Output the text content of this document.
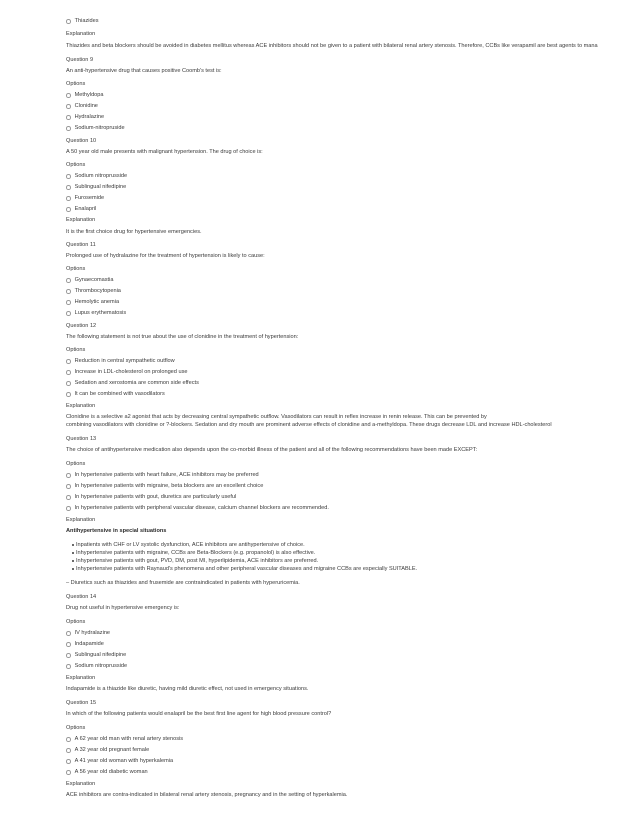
Thiazides
Explanation
Thiazides and beta blockers should be avoided in diabetes mellitus whereas ACE inhibitors should not be given to a patient with bilateral renal artery stenosis. Therefore, CCBs like verapamil are best agents to mana
Question 9
An anti-hypertensive drug that causes positive Coomb's test is:
Options
Methyldopa
Clonidine
Hydralazine
Sodium-nitropruside
Question 10
A 50 year old male presents with malignant hypertension. The drug of choice is:
Options
Sodium nitroprusside
Sublingual nifedipine
Furosemide
Enalapril
Explanation
It is the first choice drug for hypertensive emergencies.
Question 11
Prolonged use of hydralazine for the treatment of hypertension is likely to cause:
Options
Gynaecomastia
Thrombocytopenia
Hemolytic anemia
Lupus erythematosis
Question 12
The following statement is not true about the use of clonidine in the treatment of hypertension:
Options
Reduction in central sympathetic outflow
Increase in LDL-cholesterol on prolonged use
Sedation and xerostomia are common side effects
It can be combined with vasodilators
Explanation
Clonidine is a selective a2 agonist that acts by decreasing central sympathetic outflow. Vasodilators can result in reflex increase in renin release. This can be prevented by
combining vasodilators with clonidine or ?-blockers. Sedation and dry mouth are prominent adverse effects of clonidine and a-methyldopa. These drugs decrease LDL and increase HDL-cholesterol
Question 13
The choice of antihypertensive medication also depends upon the co-morbid illness of the patient and all of the following recommendations have been made EXCEPT:
Options
In hypertensive patients with heart failure, ACE inhibitors may be preferred
In hypertensive patients with migraine, beta blockers are an excellent choice
In hypertensive patients with gout, diuretics are particularly useful
In hypertensive patients with peripheral vascular disease, calcium channel blockers are recommended.
Explanation
Antihypertensive in special situations
Inpatients with CHF or LV systolic dysfunction, ACE inhibitors are antihypertensive of choice.
Inhypertensive patients with migraine, CCBs are Beta-Blockers (e.g. propanolol) is also effective.
Inhypertensive patients with gout, PVD, DM, post MI, hyperlipidemia, ACE inhibitors are preferred.
Inhypertensive patients with Raynaud's phenomena and other peripheral vascular diseases and migraine CCBs are especially SUITABLE.
– Diuretics such as thiazides and frusemide are contraindicated in patients with hyperuricemia.
Question 14
Drug not useful in hypertensive emergency is:
Options
IV hydralazine
Indapamide
Sublingual nifedipine
Sodium nitroprusside
Explanation
Indapamide is a thiazide like diuretic, having mild diuretic effect, not used in emergency situations.
Question 15
In which of the following patients would enalapril be the best first line agent for high blood pressure control?
Options
A 62 year old man with renal artery stenosis
A 32 year old pregnant female
A 41 year old woman with hyperkalemia
A 56 year old diabetic woman
Explanation
ACE inhibitors are contra-indicated in bilateral renal artery stenosis, pregnancy and in the setting of hyperkalemia.
